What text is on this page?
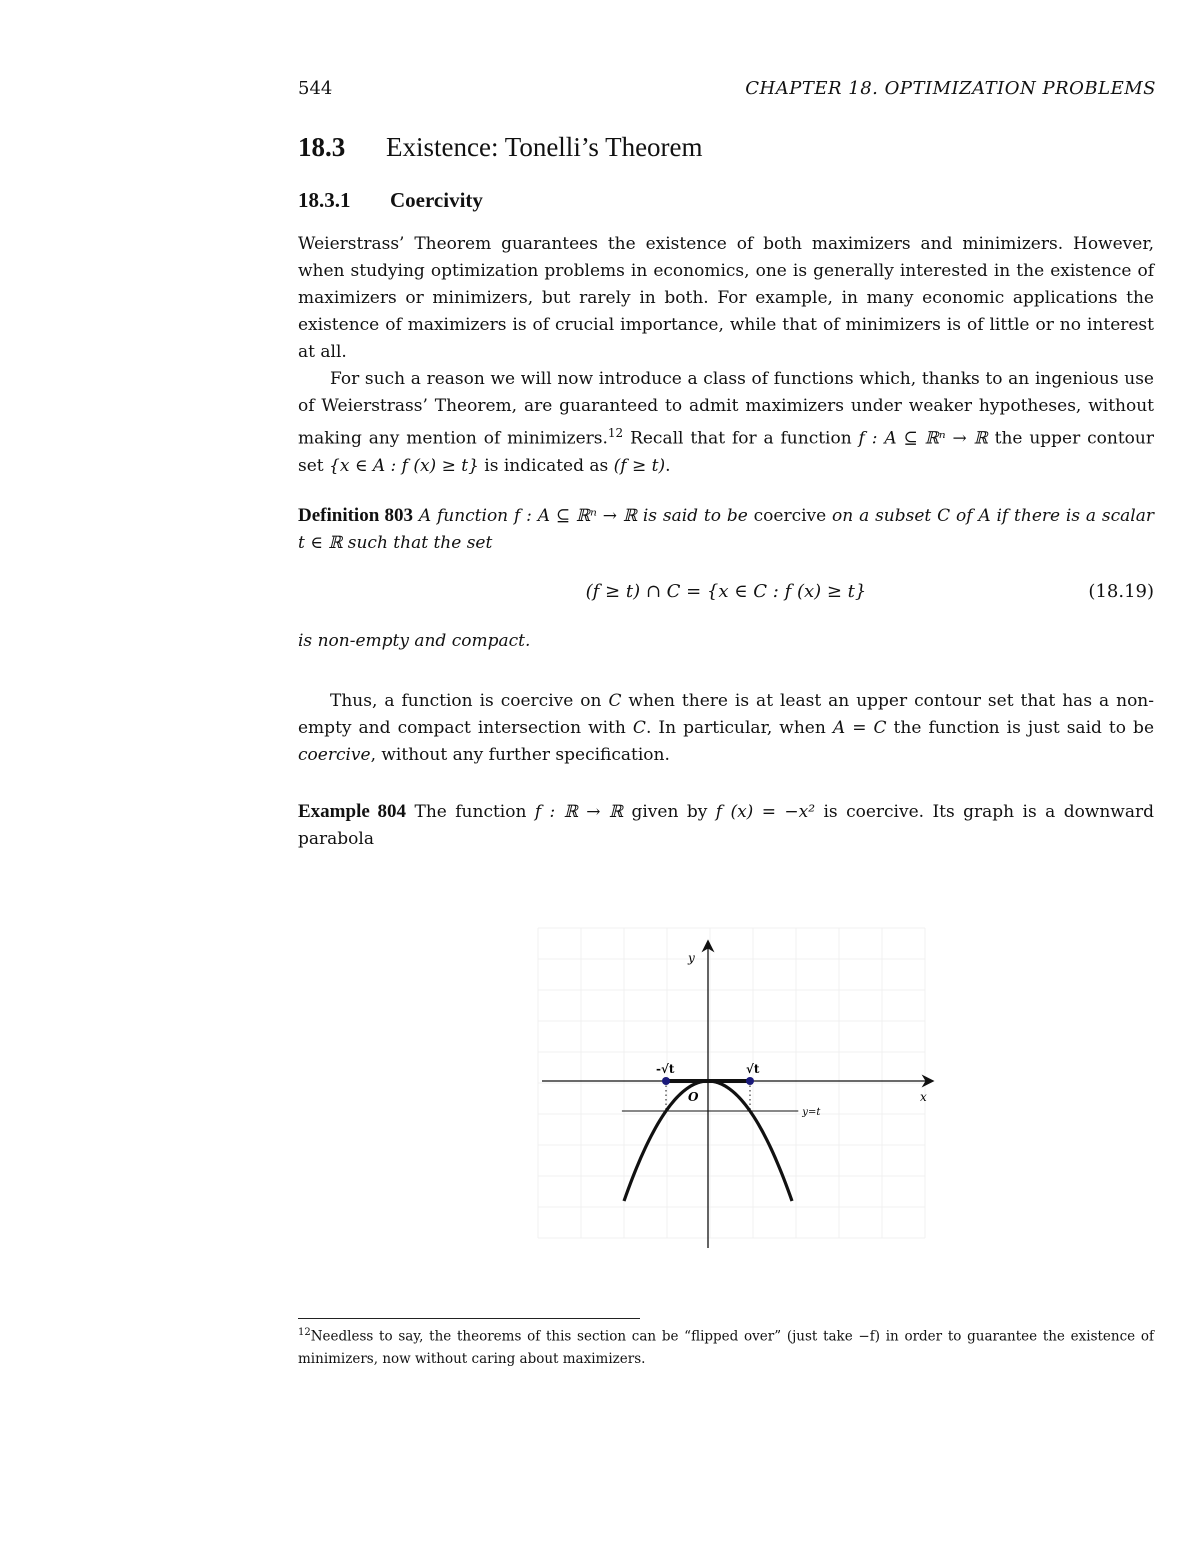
544	CHAPTER 18. OPTIMIZATION PROBLEMS
18.3 Existence: Tonelli’s Theorem
18.3.1 Coercivity

Weierstrass’ Theorem guarantees the existence of both maximizers and minimizers. However, when studying optimization problems in economics, one is generally interested in the existence of maximizers or minimizers, but rarely in both. For example, in many economic applications the existence of maximizers is of crucial importance, while that of minimizers is of little or no interest at all.

For such a reason we will now introduce a class of functions which, thanks to an ingenious use of Weierstrass’ Theorem, are guaranteed to admit maximizers under weaker hypotheses, without making any mention of minimizers.$^{12}$ Recall that for a function f : A ⊆ ℝⁿ → ℝ the upper contour set {x ∈ A : f (x) ≥ t} is indicated as (f ≥ t).

Definition 803 A function f : A ⊆ ℝⁿ → ℝ is said to be coercive on a subset C of A if there is a scalar t ∈ ℝ such that the set

(f ≥ t) ∩ C = {x ∈ C : f (x) ≥ t}	(18.19)
is non-empty and compact.

Thus, a function is coercive on C when there is at least an upper contour set that has a non-empty and compact intersection with C. In particular, when A = C the function is just said to be coercive, without any further specification.

Example 804 The function f : ℝ → ℝ given by f (x) = −x² is coercive. Its graph is a downward parabola

x
y
O
-√t	√t
y=t

$^{12}$Needless to say, the theorems of this section can be “flipped over” (just take −f) in order to guarantee the existence of minimizers, now without caring about maximizers.
